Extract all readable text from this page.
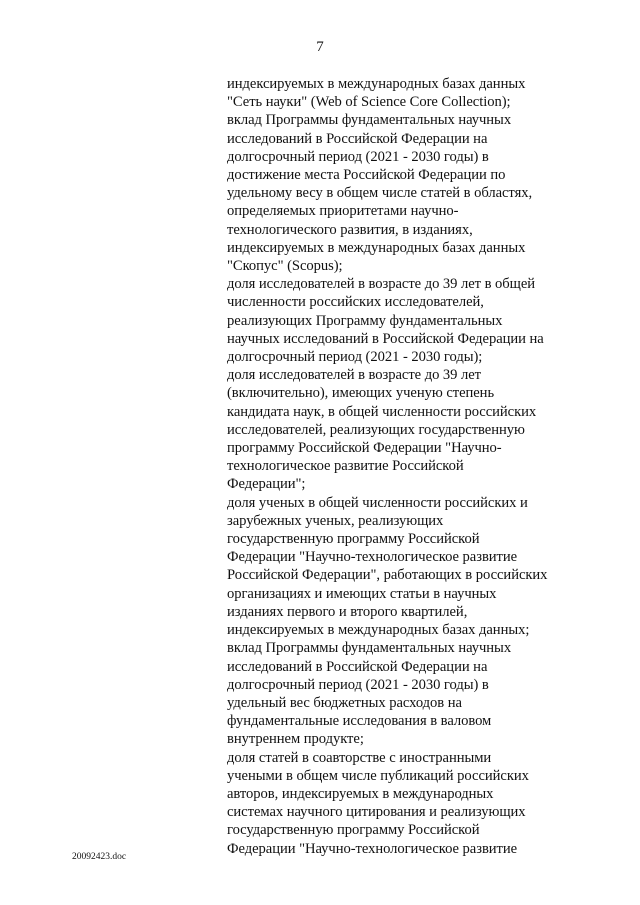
7
индексируемых в международных базах данных
"Сеть науки" (Web of Science Core Collection);
вклад Программы фундаментальных научных
исследований в Российской Федерации на
долгосрочный период (2021 - 2030 годы) в
достижение места Российской Федерации по
удельному весу в общем числе статей в областях,
определяемых приоритетами научно-
технологического развития, в изданиях,
индексируемых в международных базах данных
"Скопус" (Scopus);
доля исследователей в возрасте до 39 лет в общей
численности российских исследователей,
реализующих Программу фундаментальных
научных исследований в Российской Федерации на
долгосрочный период (2021 - 2030 годы);
доля исследователей в возрасте до 39 лет
(включительно), имеющих ученую степень
кандидата наук, в общей численности российских
исследователей, реализующих государственную
программу Российской Федерации "Научно-
технологическое развитие Российской
Федерации";
доля ученых в общей численности российских и
зарубежных ученых, реализующих
государственную программу Российской
Федерации "Научно-технологическое развитие
Российской Федерации", работающих в российских
организациях и имеющих статьи в научных
изданиях первого и второго квартилей,
индексируемых в международных базах данных;
вклад Программы фундаментальных научных
исследований в Российской Федерации на
долгосрочный период (2021 - 2030 годы) в
удельный вес бюджетных расходов на
фундаментальные исследования в валовом
внутреннем продукте;
доля статей в соавторстве с иностранными
учеными в общем числе публикаций российских
авторов, индексируемых в международных
системах научного цитирования и реализующих
государственную программу Российской
Федерации "Научно-технологическое развитие
20092423.doc
